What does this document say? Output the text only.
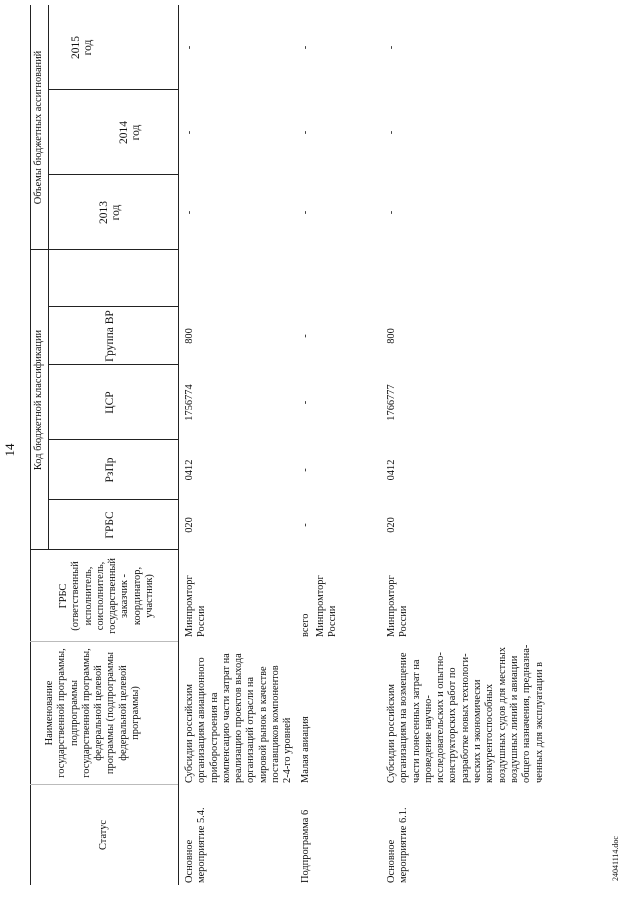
14
Статус
Наименование
государственной программы,
подпрограммы
государственной программы,
федеральной целевой
программы (подпрограммы
федеральной целевой
программы)
ГРБС
(ответственный
исполнитель,
соисполнитель,
государственный
заказчик -
координатор,
участник)
Код бюджетной классификации
Объемы бюджетных ассигнований
ГРБС
РзПр
ЦСР
Группа ВР
2013
год
2014
год
2015
год
Основное
мероприятие 5.4.
Субсидии российским
организациям авиационного
приборостроения на
компенсацию части затрат на
реализацию проектов выхода
организаций отрасли на
мировой рынок в качестве
поставщиков компонентов
2-4-го уровней
Минпромторг
России
020
0412
1756774
800
-
-
-
Подпрограмма 6
Малая авиация
всего Минпромторг
России
-
-
-
-
-
-
-
Основное
мероприятие 6.1.
Субсидии российским
организациям на возмещение
части понесенных затрат на
проведение научно-
исследовательских и опытно-
конструкторских работ по
разработке новых технологи-
ческих и экономически
конкурентоспособных
воздушных судов для местных
воздушных линий и авиации
общего назначения, предназна-
ченных для эксплуатации в
Минпромторг
России
020
0412
1766777
800
-
-
-
24041114.doc
